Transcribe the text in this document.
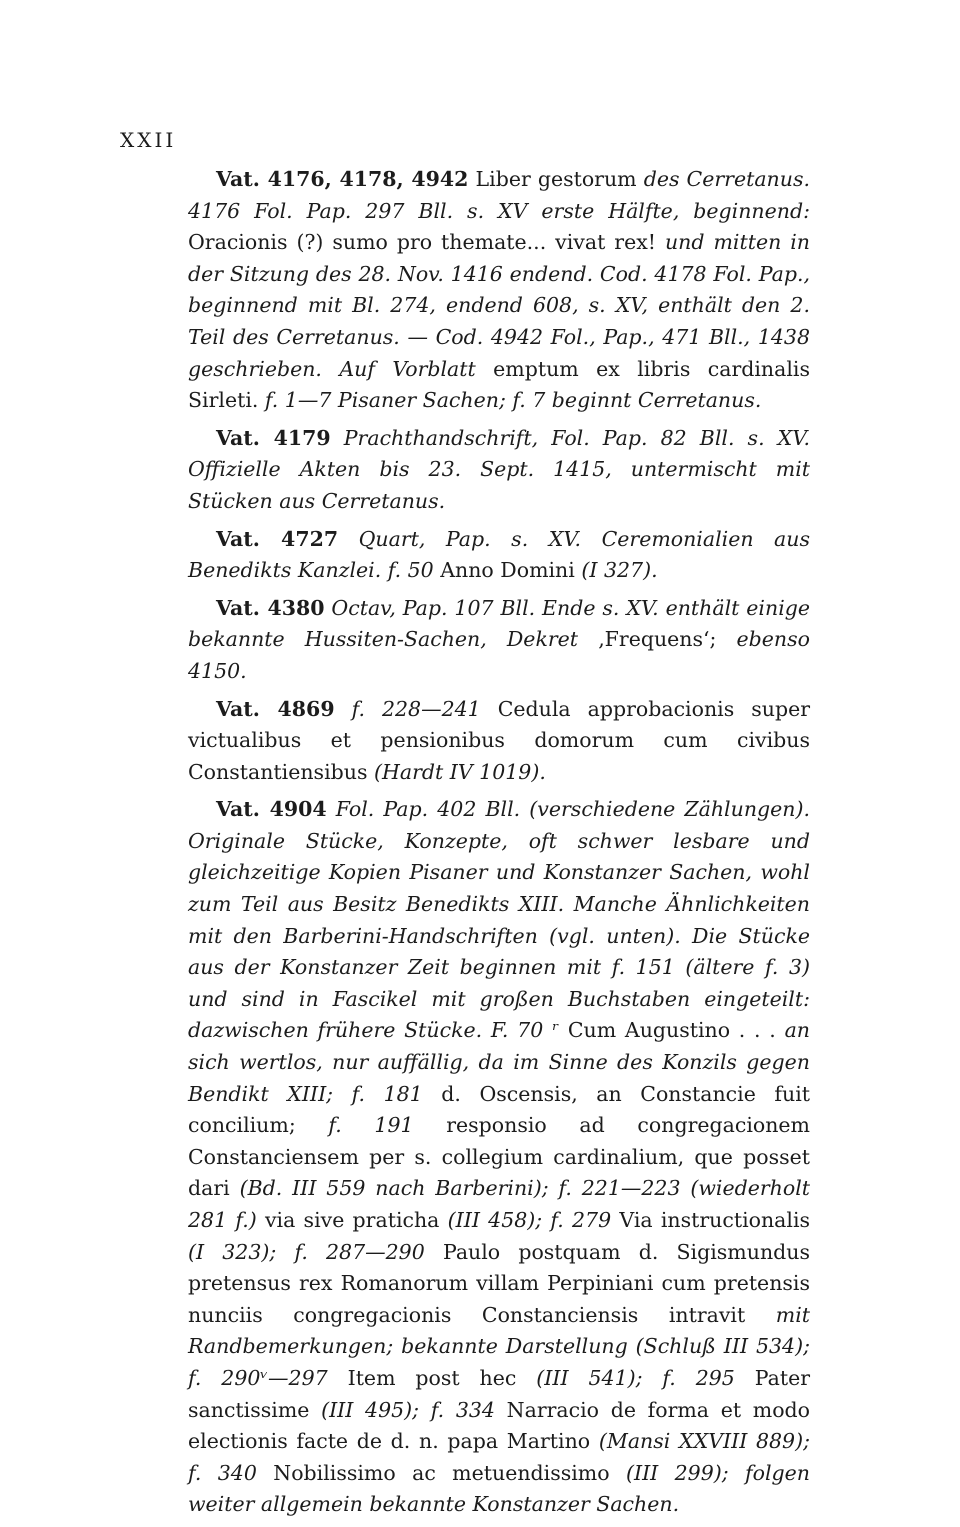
XXII

Vat. 4176, 4178, 4942 Liber gestorum des Cerretanus. 4176 Fol. Pap. 297 Bll. s. XV erste Hälfte, beginnend: Oracionis (?) sumo pro themate... vivat rex! und mitten in der Sitzung des 28. Nov. 1416 endend. Cod. 4178 Fol. Pap., beginnend mit Bl. 274, endend 608, s. XV, enthält den 2. Teil des Cerretanus. — Cod. 4942 Fol., Pap., 471 Bll., 1438 geschrieben. Auf Vorblatt emptum ex libris cardinalis Sirleti. f. 1—7 Pisaner Sachen; f. 7 beginnt Cerretanus.

Vat. 4179 Prachthandschrift, Fol. Pap. 82 Bll. s. XV. Offizielle Akten bis 23. Sept. 1415, untermischt mit Stücken aus Cerretanus.

Vat. 4727 Quart, Pap. s. XV. Ceremonialien aus Benedikts Kanzlei. f. 50 Anno Domini (I 327).

Vat. 4380 Octav, Pap. 107 Bll. Ende s. XV. enthält einige bekannte Hussiten-Sachen, Dekret ‚Frequens‘; ebenso 4150.

Vat. 4869 f. 228—241 Cedula approbacionis super victualibus et pensionibus domorum cum civibus Constantiensibus (Hardt IV 1019).

Vat. 4904 Fol. Pap. 402 Bll. (verschiedene Zählungen). Originale Stücke, Konzepte, oft schwer lesbare und gleichzeitige Kopien Pisaner und Konstanzer Sachen, wohl zum Teil aus Besitz Benedikts XIII. Manche Ähnlichkeiten mit den Barberini-Handschriften (vgl. unten). Die Stücke aus der Konstanzer Zeit beginnen mit f. 151 (ältere f. 3) und sind in Fascikel mit großen Buchstaben eingeteilt: dazwischen frühere Stücke. F. 70 ʳ Cum Augustino . . . an sich wertlos, nur auffällig, da im Sinne des Konzils gegen Bendikt XIII; f. 181 d. Oscensis, an Constancie fuit concilium; f. 191 responsio ad congregacionem Constanciensem per s. collegium cardinalium, que posset dari (Bd. III 559 nach Barberini); f. 221—223 (wiederholt 281 f.) via sive praticha (III 458); f. 279 Via instructionalis (I 323); f. 287—290 Paulo postquam d. Sigismundus pretensus rex Romanorum villam Perpiniani cum pretensis nunciis congregacionis Constanciensis intravit mit Randbemerkungen; bekannte Darstellung (Schluß III 534); f. 290ᵛ—297 Item post hec (III 541); f. 295 Pater sanctissime (III 495); f. 334 Narracio de forma et modo electionis facte de d. n. papa Martino (Mansi XXVIII 889); f. 340 Nobilissimo ac metuendissimo (III 299); folgen weiter allgemein bekannte Konstanzer Sachen.
